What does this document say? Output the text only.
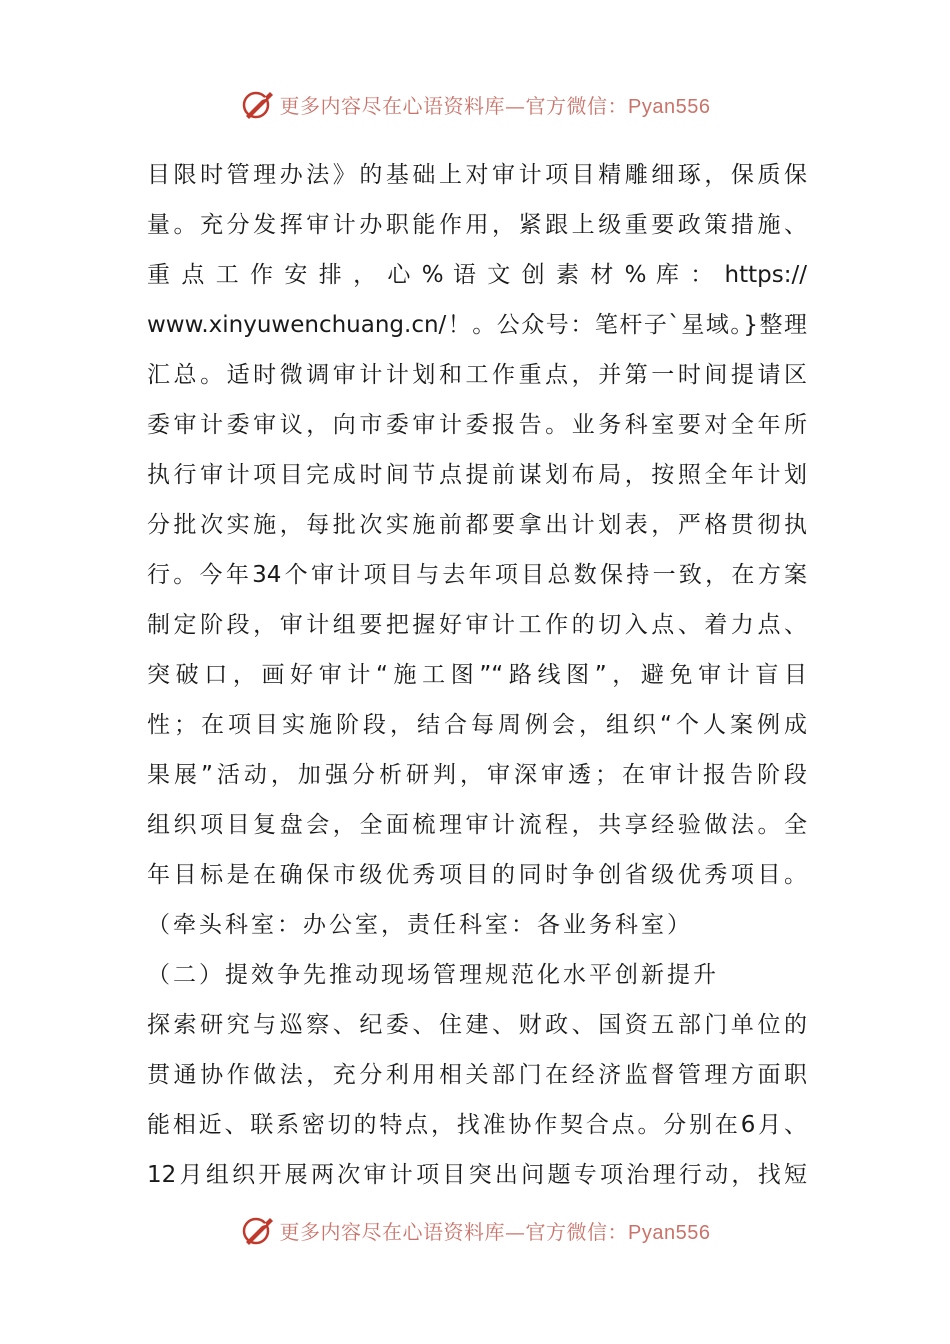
更多内容尽在心语资料库—官方微信：Pyan556
目限时管理办法》的基础上对审计项目精雕细琢，保质保
量。充分发挥审计办职能作用，紧跟上级重要政策措施、
重 点 工 作 安 排 ， 心 % 语 文 创 素 材 % 库 ： https://
www.xinyuwenchuang.cn/！。公众号：笔杆子`星域。}整理
汇总。适时微调审计计划和工作重点，并第一时间提请区
委审计委审议，向市委审计委报告。业务科室要对全年所
执行审计项目完成时间节点提前谋划布局，按照全年计划
分批次实施，每批次实施前都要拿出计划表，严格贯彻执
行。今年34个审计项目与去年项目总数保持一致，在方案
制定阶段，审计组要把握好审计工作的切入点、着力点、
突破口，画好审计“施工图”“路线图”，避免审计盲目
性；在项目实施阶段，结合每周例会，组织“个人案例成
果展”活动，加强分析研判，审深审透；在审计报告阶段
组织项目复盘会，全面梳理审计流程，共享经验做法。全
年目标是在确保市级优秀项目的同时争创省级优秀项目。
（牵头科室：办公室，责任科室：各业务科室）
（二）提效争先推动现场管理规范化水平创新提升
探索研究与巡察、纪委、住建、财政、国资五部门单位的
贯通协作做法，充分利用相关部门在经济监督管理方面职
能相近、联系密切的特点，找准协作契合点。分别在6月、
12月组织开展两次审计项目突出问题专项治理行动，找短
更多内容尽在心语资料库—官方微信：Pyan556
